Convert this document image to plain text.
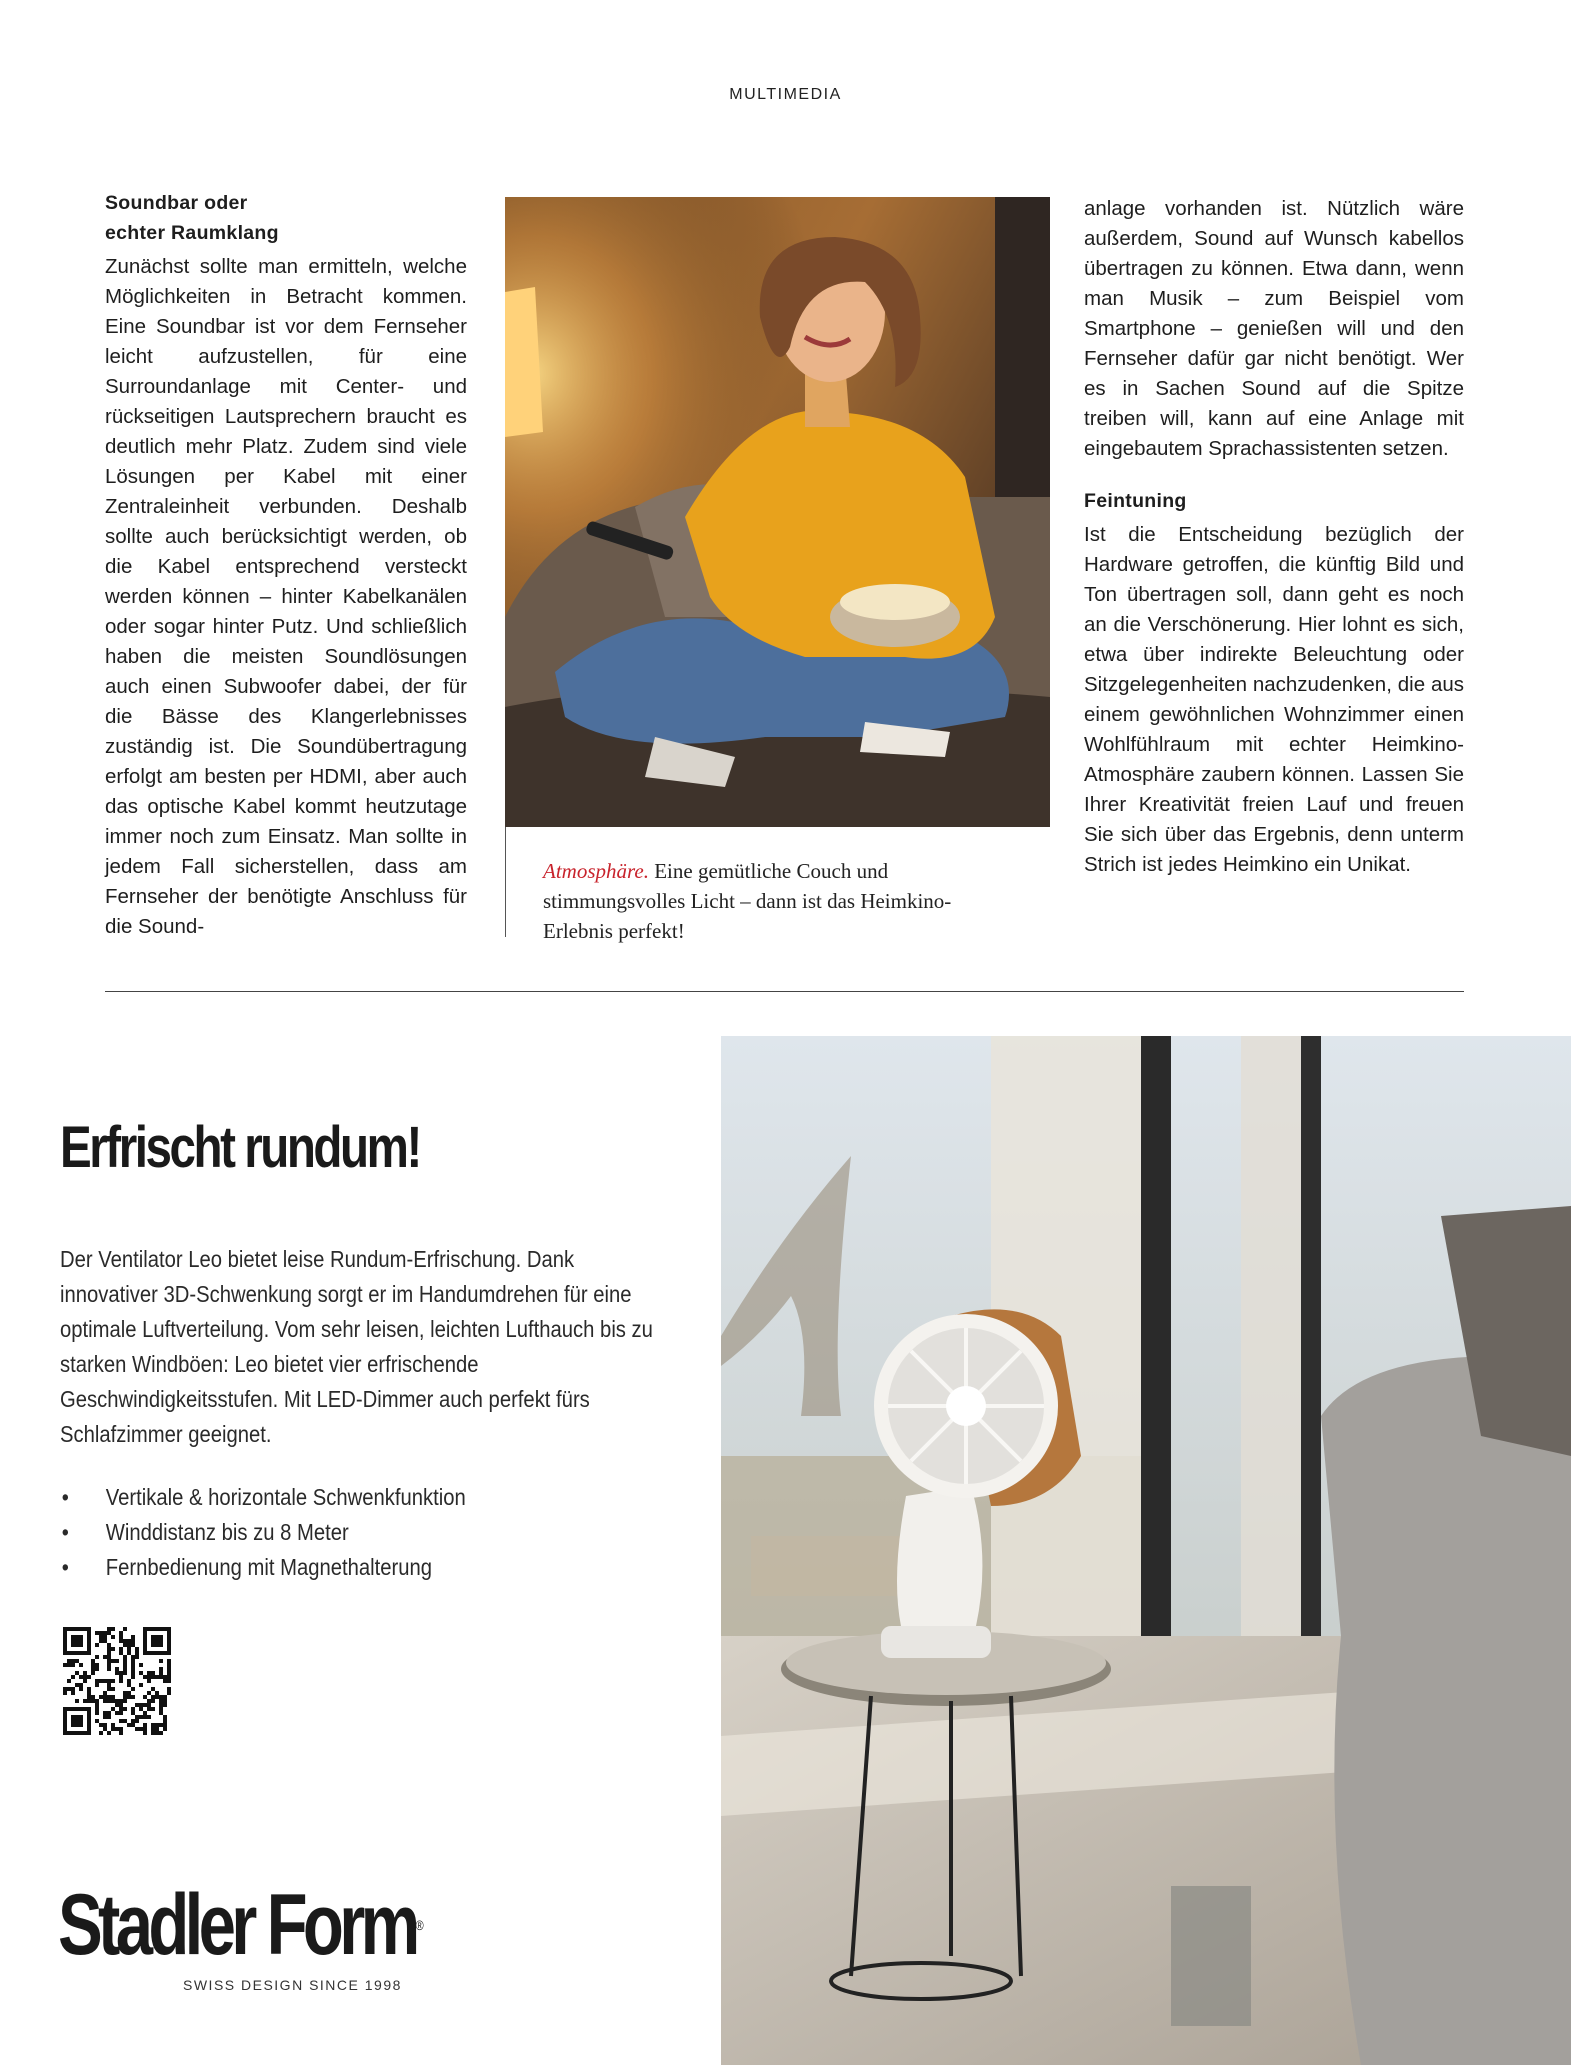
MULTIMEDIA
Soundbar oder
echter Raumklang

Zunächst sollte man ermitteln, welche Möglichkeiten in Betracht kommen. Eine Soundbar ist vor dem Fernseher leicht aufzustellen, für eine Surroundanlage mit Center- und rückseitigen Lautsprechern braucht es deutlich mehr Platz. Zudem sind viele Lösungen per Kabel mit einer Zentraleinheit verbunden. Deshalb sollte auch berücksichtigt werden, ob die Kabel entsprechend versteckt werden können – hinter Kabelkanälen oder sogar hinter Putz. Und schließlich haben die meisten Soundlösungen auch einen Subwoofer dabei, der für die Bässe des Klangerlebnisses zuständig ist. Die Soundübertragung erfolgt am besten per HDMI, aber auch das optische Kabel kommt heutzutage immer noch zum Einsatz. Man sollte in jedem Fall sicherstellen, dass am Fernseher der benötigte Anschluss für die Sound-

Atmosphäre. Eine gemütliche Couch und stimmungsvolles Licht – dann ist das Heimkino-Erlebnis perfekt!

anlage vorhanden ist. Nützlich wäre außerdem, Sound auf Wunsch kabellos übertragen zu können. Etwa dann, wenn man Musik – zum Beispiel vom Smartphone – genießen will und den Fernseher dafür gar nicht benötigt. Wer es in Sachen Sound auf die Spitze treiben will, kann auf eine Anlage mit eingebautem Sprachassistenten setzen.

Feintuning

Ist die Entscheidung bezüglich der Hardware getroffen, die künftig Bild und Ton übertragen soll, dann geht es noch an die Verschönerung. Hier lohnt es sich, etwa über indirekte Beleuchtung oder Sitzgelegenheiten nachzudenken, die aus einem gewöhnlichen Wohnzimmer einen Wohlfühlraum mit echter Heimkino-Atmosphäre zaubern können. Lassen Sie Ihrer Kreativität freien Lauf und freuen Sie sich über das Ergebnis, denn unterm Strich ist jedes Heimkino ein Unikat.

Erfrischt rundum!
Der Ventilator Leo bietet leise Rundum-Erfrischung. Dank innovativer 3D-Schwenkung sorgt er im Handumdrehen für eine optimale Luftverteilung. Vom sehr leisen, leichten Lufthauch bis zu starken Windböen: Leo bietet vier erfrischende Geschwindigkeitsstufen. Mit LED-Dimmer auch perfekt fürs Schlafzimmer geeignet.
• Vertikale & horizontale Schwenkfunktion
• Winddistanz bis zu 8 Meter
• Fernbedienung mit Magnethalterung
Stadler Form®
SWISS DESIGN SINCE 1998
